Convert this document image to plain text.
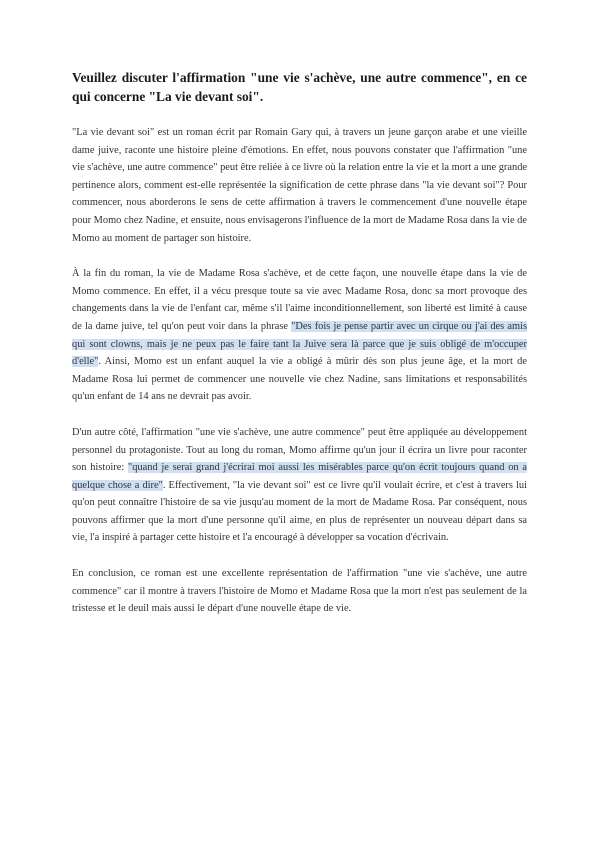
Veuillez discuter l'affirmation "une vie s'achève, une autre commence", en ce qui concerne "La vie devant soi".

"La vie devant soi" est un roman écrit par Romain Gary qui, à travers un jeune garçon arabe et une vieille dame juive, raconte une histoire pleine d'émotions. En effet, nous pouvons constater que l'affirmation "une vie s'achève, une autre commence" peut être reliée à ce livre où la relation entre la vie et la mort a une grande pertinence alors, comment est-elle représentée la signification de cette phrase dans "la vie devant soi"? Pour commencer, nous aborderons le sens de cette affirmation à travers le commencement d'une nouvelle étape pour Momo chez Nadine, et ensuite, nous envisagerons l'influence de la mort de Madame Rosa dans la vie de Momo au moment de partager son histoire.

À la fin du roman, la vie de Madame Rosa s'achève, et de cette façon, une nouvelle étape dans la vie de Momo commence. En effet, il a vécu presque toute sa vie avec Madame Rosa, donc sa mort provoque des changements dans la vie de l'enfant car, même s'il l'aime inconditionnellement, son liberté est limité à cause de la dame juive, tel qu'on peut voir dans la phrase "Des fois je pense partir avec un cirque ou j'ai des amis qui sont clowns, mais je ne peux pas le faire tant la Juive sera là parce que je suis obligé de m'occuper d'elle". Ainsi, Momo est un enfant auquel la vie a obligé à mûrir dès son plus jeune âge, et la mort de Madame Rosa lui permet de commencer une nouvelle vie chez Nadine, sans limitations et responsabilités qu'un enfant de 14 ans ne devrait pas avoir.

D'un autre côté, l'affirmation "une vie s'achève, une autre commence" peut être appliquée au développement personnel du protagoniste. Tout au long du roman, Momo affirme qu'un jour il écrira un livre pour raconter son histoire: "quand je serai grand j'écrirai moi aussi les misérables parce qu'on écrit toujours quand on a quelque chose a dire". Effectivement, "la vie devant soi" est ce livre qu'il voulait écrire, et c'est à travers lui qu'on peut connaître l'histoire de sa vie jusqu'au moment de la mort de Madame Rosa. Par conséquent, nous pouvons affirmer que la mort d'une personne qu'il aime, en plus de représenter un nouveau départ dans sa vie, l'a inspiré à partager cette histoire et l'a encouragé à développer sa vocation d'écrivain.

En conclusion, ce roman est une excellente représentation de l'affirmation "une vie s'achève, une autre commence" car il montre à travers l'histoire de Momo et Madame Rosa que la mort n'est pas seulement de la tristesse et le deuil mais aussi le départ d'une nouvelle étape de vie.
